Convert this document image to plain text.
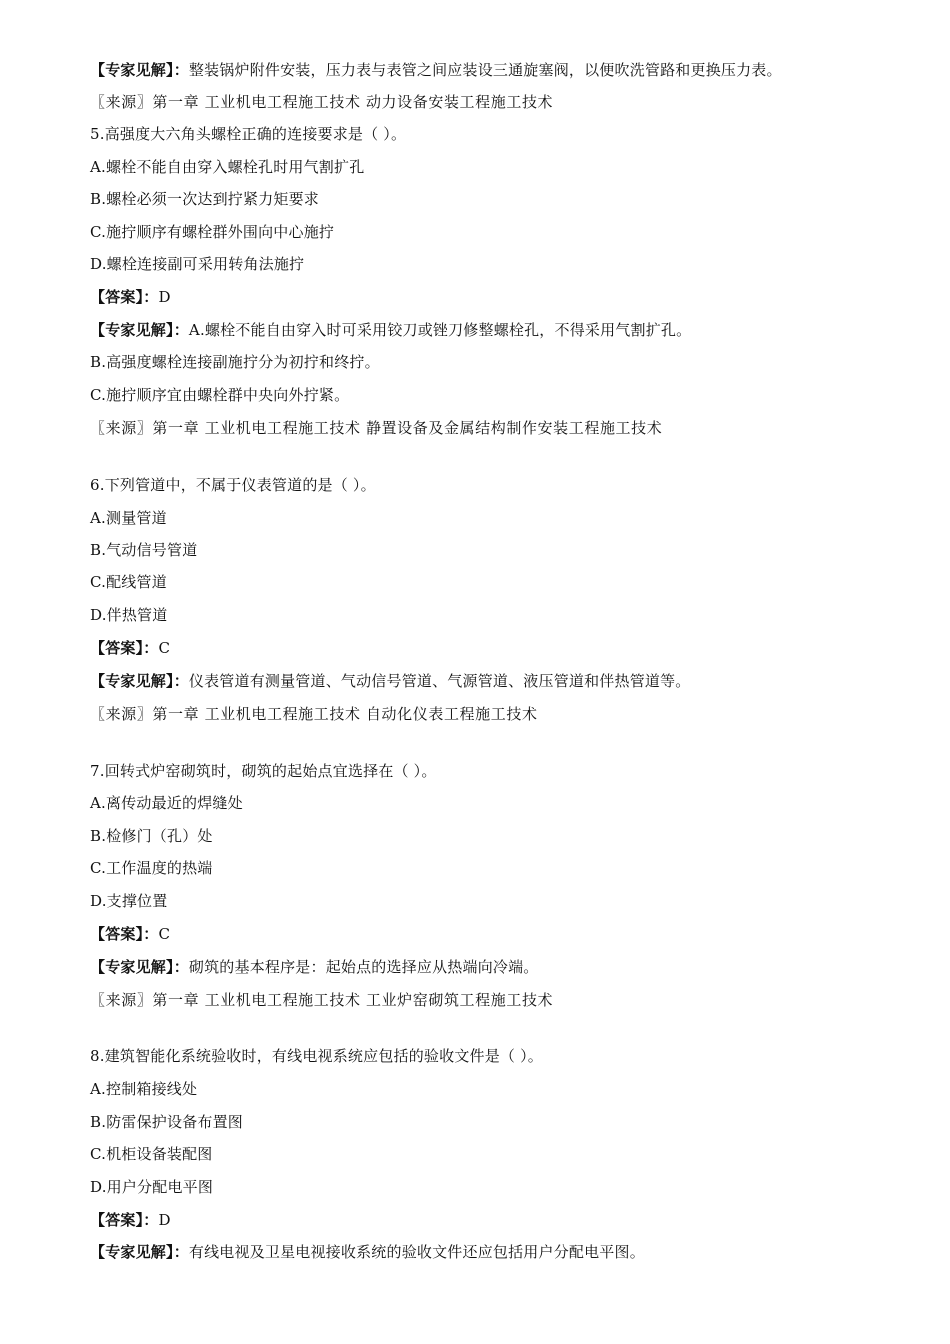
【专家见解】：整装锅炉附件安装，压力表与表管之间应装设三通旋塞阀，以便吹洗管路和更换压力表。
〖来源〗第一章 工业机电工程施工技术 动力设备安装工程施工技术
5.高强度大六角头螺栓正确的连接要求是（ ）。
A.螺栓不能自由穿入螺栓孔时用气割扩孔
B.螺栓必须一次达到拧紧力矩要求
C.施拧顺序有螺栓群外围向中心施拧
D.螺栓连接副可采用转角法施拧
【答案】：D
【专家见解】：A.螺栓不能自由穿入时可采用铰刀或锉刀修整螺栓孔，不得采用气割扩孔。
B.高强度螺栓连接副施拧分为初拧和终拧。
C.施拧顺序宜由螺栓群中央向外拧紧。
〖来源〗第一章 工业机电工程施工技术 静置设备及金属结构制作安装工程施工技术
6.下列管道中，不属于仪表管道的是（ ）。
A.测量管道
B.气动信号管道
C.配线管道
D.伴热管道
【答案】：C
【专家见解】：仪表管道有测量管道、气动信号管道、气源管道、液压管道和伴热管道等。
〖来源〗第一章 工业机电工程施工技术 自动化仪表工程施工技术
7.回转式炉窑砌筑时，砌筑的起始点宜选择在（ ）。
A.离传动最近的焊缝处
B.检修门（孔）处
C.工作温度的热端
D.支撑位置
【答案】：C
【专家见解】：砌筑的基本程序是：起始点的选择应从热端向冷端。
〖来源〗第一章 工业机电工程施工技术 工业炉窑砌筑工程施工技术
8.建筑智能化系统验收时，有线电视系统应包括的验收文件是（ ）。
A.控制箱接线处
B.防雷保护设备布置图
C.机柜设备装配图
D.用户分配电平图
【答案】：D
【专家见解】：有线电视及卫星电视接收系统的验收文件还应包括用户分配电平图。
